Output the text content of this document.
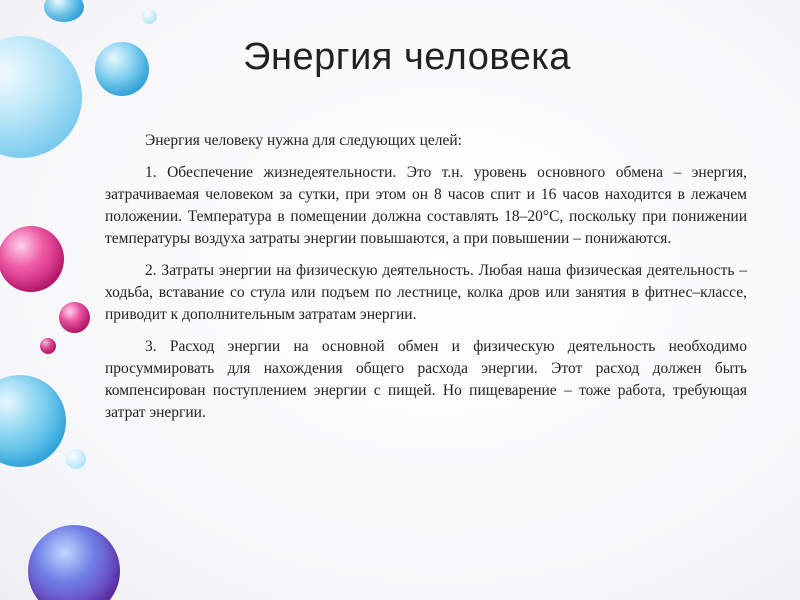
Энергия человека

Энергия человеку нужна для следующих целей:

1. Обеспечение жизнедеятельности. Это т.н. уровень основного обмена – энергия, затрачиваемая человеком за сутки, при этом он 8 часов спит и 16 часов находится в лежачем положении. Температура в помещении должна составлять 18–20°С, поскольку при понижении температуры воздуха затраты энергии повышаются, а при повышении – понижаются.

2. Затраты энергии на физическую деятельность. Любая наша физическая деятельность – ходьба, вставание со стула или подъем по лестнице, колка дров или занятия в фитнес–классе, приводит к дополнительным затратам энергии.

3. Расход энергии на основной обмен и физическую деятельность необходимо просуммировать для нахождения общего расхода энергии. Этот расход должен быть компенсирован поступлением энергии с пищей. Но пищеварение – тоже работа, требующая затрат энергии.
